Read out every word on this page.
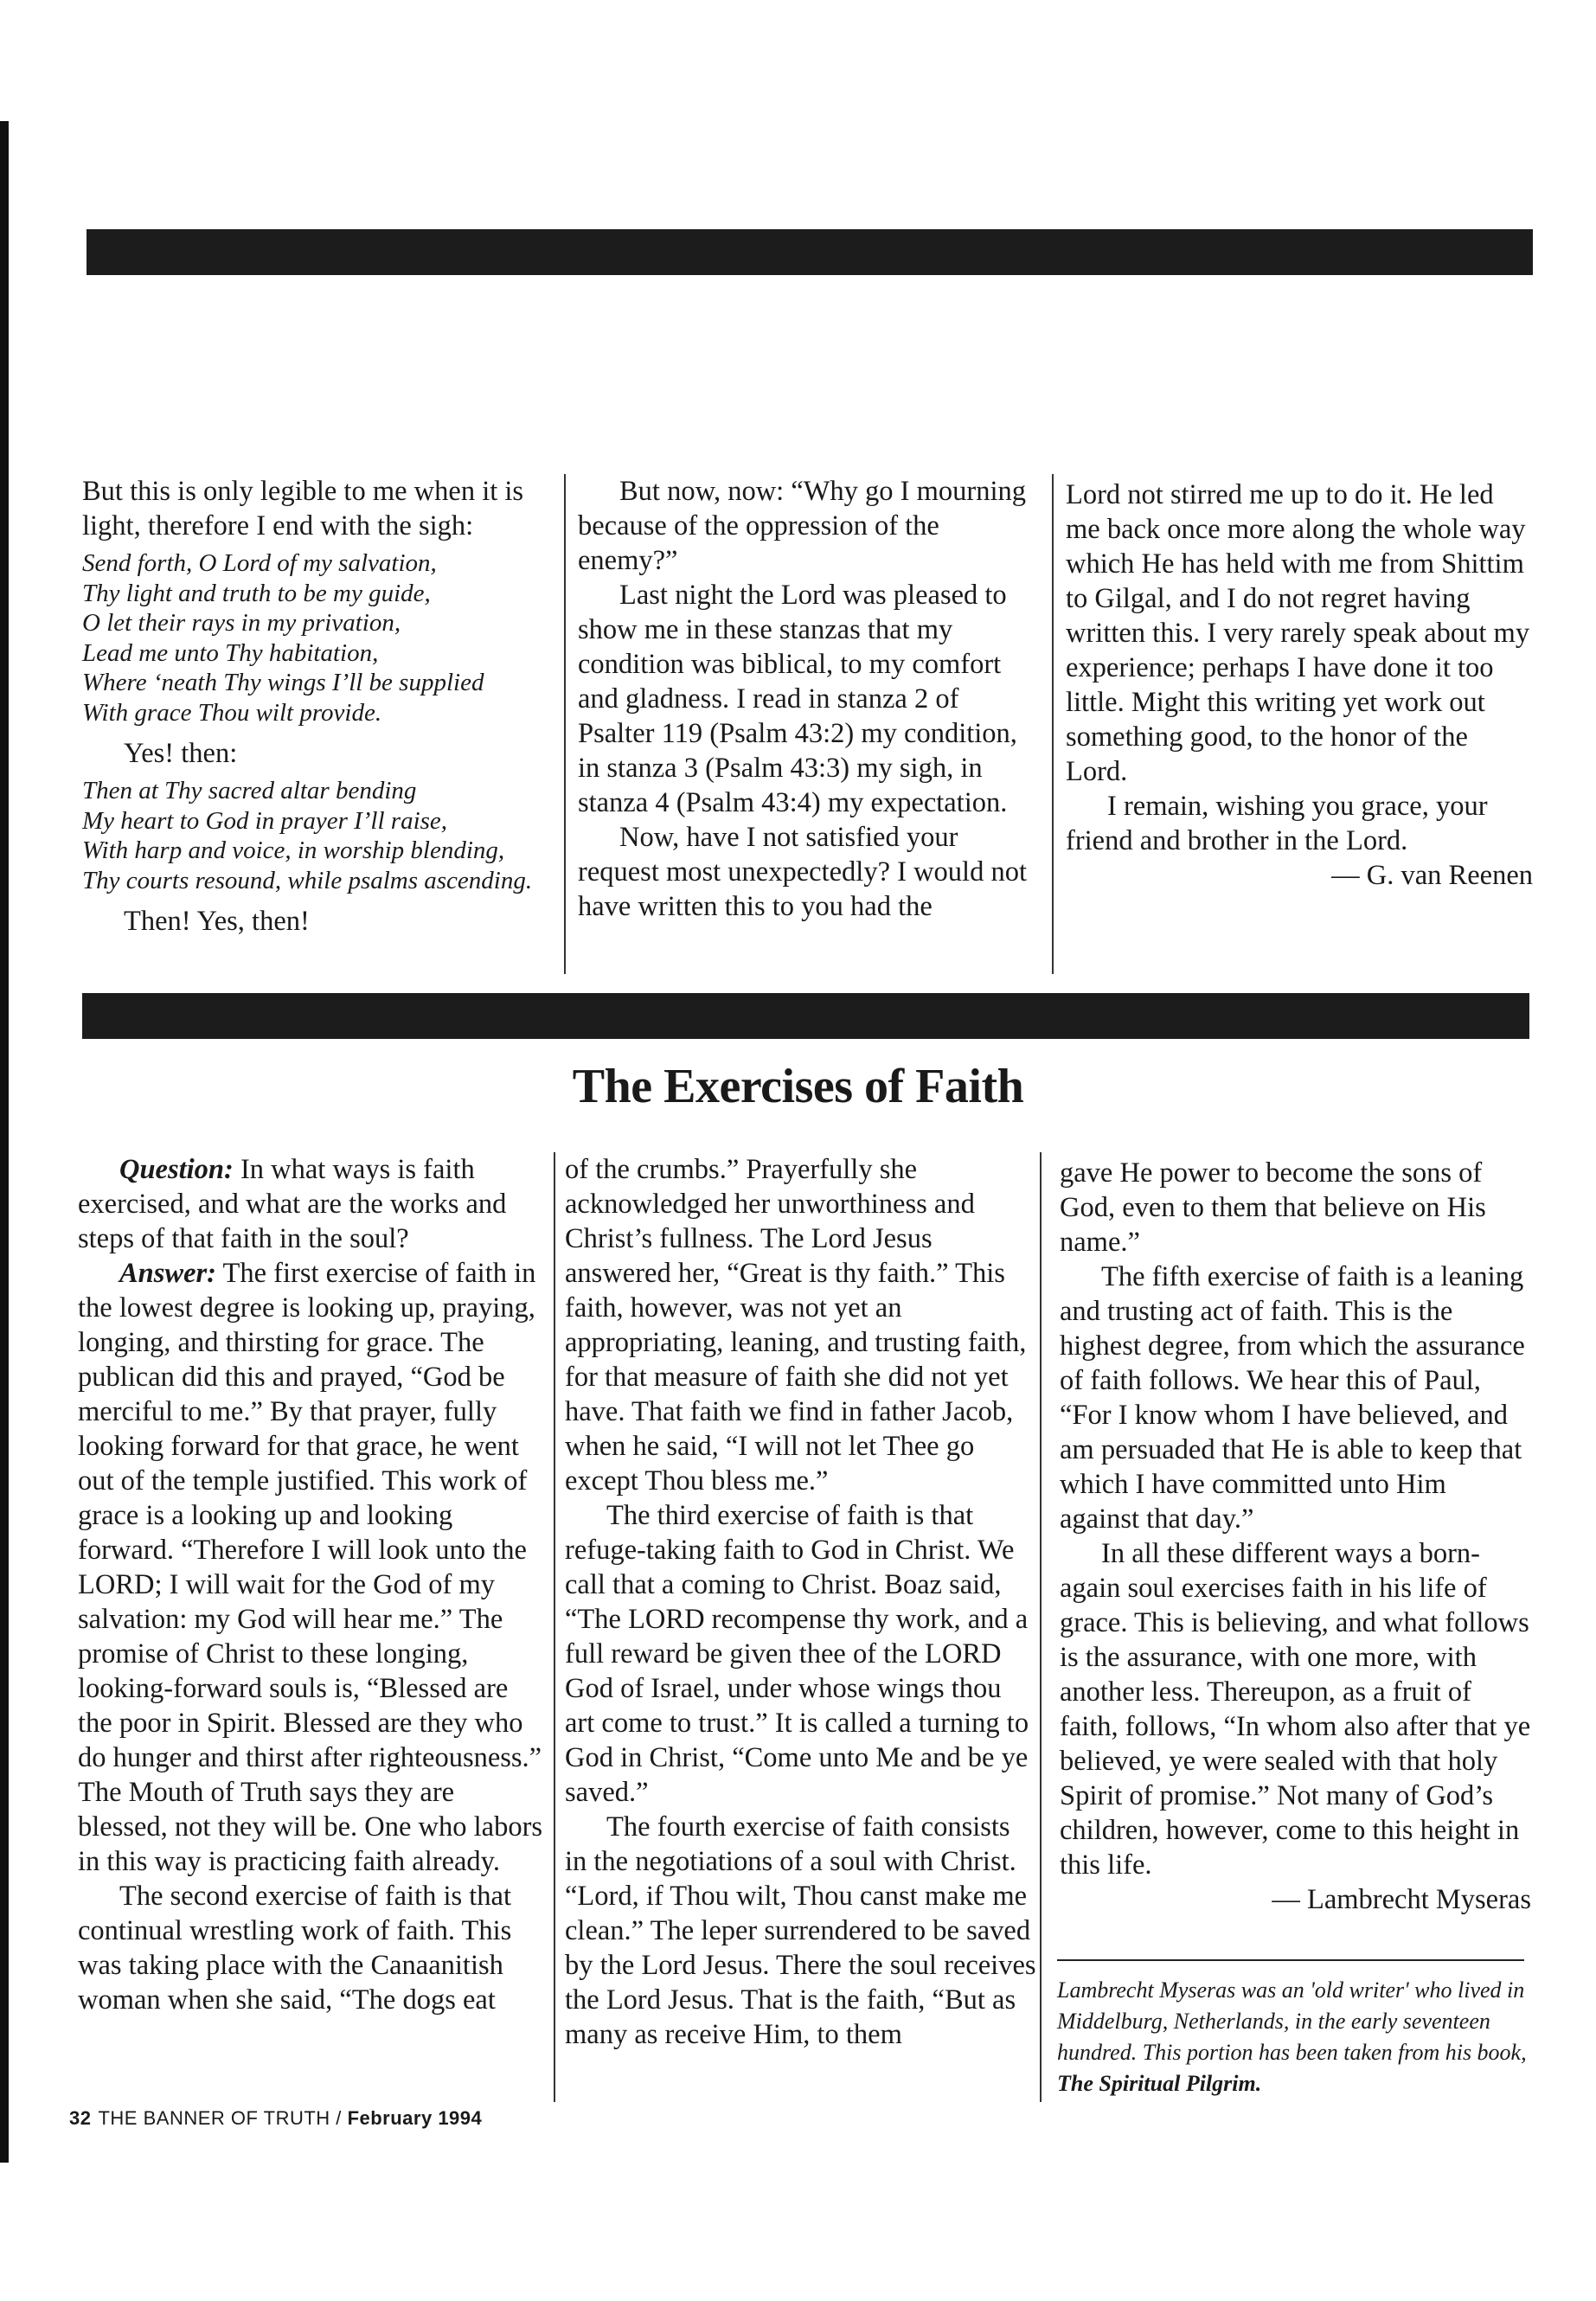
But this is only legible to me when it is light, therefore I end with the sigh:

Send forth, O Lord of my salvation,
Thy light and truth to be my guide,
O let their rays in my privation,
Lead me unto Thy habitation,
Where ‘neath Thy wings I’ll be supplied
With grace Thou wilt provide.

Yes! then:

Then at Thy sacred altar bending
My heart to God in prayer I’ll raise,
With harp and voice, in worship blending,
Thy courts resound, while psalms ascending.

Then! Yes, then!

But now, now: “Why go I mourning because of the oppression of the enemy?”

Last night the Lord was pleased to show me in these stanzas that my condition was biblical, to my comfort and gladness. I read in stanza 2 of Psalter 119 (Psalm 43:2) my condition, in stanza 3 (Psalm 43:3) my sigh, in stanza 4 (Psalm 43:4) my expectation.

Now, have I not satisfied your request most unexpectedly? I would not have written this to you had the

Lord not stirred me up to do it. He led me back once more along the whole way which He has held with me from Shittim to Gilgal, and I do not regret having written this. I very rarely speak about my experience; perhaps I have done it too little. Might this writing yet work out something good, to the honor of the Lord.

I remain, wishing you grace, your friend and brother in the Lord.

— G. van Reenen

The Exercises of Faith

Question: In what ways is faith exercised, and what are the works and steps of that faith in the soul?

Answer: The first exercise of faith in the lowest degree is looking up, praying, longing, and thirsting for grace. The publican did this and prayed, “God be merciful to me.” By that prayer, fully looking forward for that grace, he went out of the temple justified. This work of grace is a looking up and looking forward. “Therefore I will look unto the LORD; I will wait for the God of my salvation: my God will hear me.” The promise of Christ to these longing, looking-forward souls is, “Blessed are the poor in Spirit. Blessed are they who do hunger and thirst after righteousness.” The Mouth of Truth says they are blessed, not they will be. One who labors in this way is practicing faith already.

The second exercise of faith is that continual wrestling work of faith. This was taking place with the Canaanitish woman when she said, “The dogs eat

of the crumbs.” Prayerfully she acknowledged her unworthiness and Christ’s fullness. The Lord Jesus answered her, “Great is thy faith.” This faith, however, was not yet an appropriating, leaning, and trusting faith, for that measure of faith she did not yet have. That faith we find in father Jacob, when he said, “I will not let Thee go except Thou bless me.”

The third exercise of faith is that refuge-taking faith to God in Christ. We call that a coming to Christ. Boaz said, “The LORD recompense thy work, and a full reward be given thee of the LORD God of Israel, under whose wings thou art come to trust.” It is called a turning to God in Christ, “Come unto Me and be ye saved.”

The fourth exercise of faith consists in the negotiations of a soul with Christ. “Lord, if Thou wilt, Thou canst make me clean.” The leper surrendered to be saved by the Lord Jesus. There the soul receives the Lord Jesus. That is the faith, “But as many as receive Him, to them

gave He power to become the sons of God, even to them that believe on His name.”

The fifth exercise of faith is a leaning and trusting act of faith. This is the highest degree, from which the assurance of faith follows. We hear this of Paul, “For I know whom I have believed, and am persuaded that He is able to keep that which I have committed unto Him against that day.”

In all these different ways a born-again soul exercises faith in his life of grace. This is believing, and what follows is the assurance, with one more, with another less. Thereupon, as a fruit of faith, follows, “In whom also after that ye believed, ye were sealed with that holy Spirit of promise.” Not many of God’s children, however, come to this height in this life.

— Lambrecht Myseras

Lambrecht Myseras was an 'old writer' who lived in Middelburg, Netherlands, in the early seventeen hundred. This portion has been taken from his book, The Spiritual Pilgrim.

32 THE BANNER OF TRUTH / February 1994
